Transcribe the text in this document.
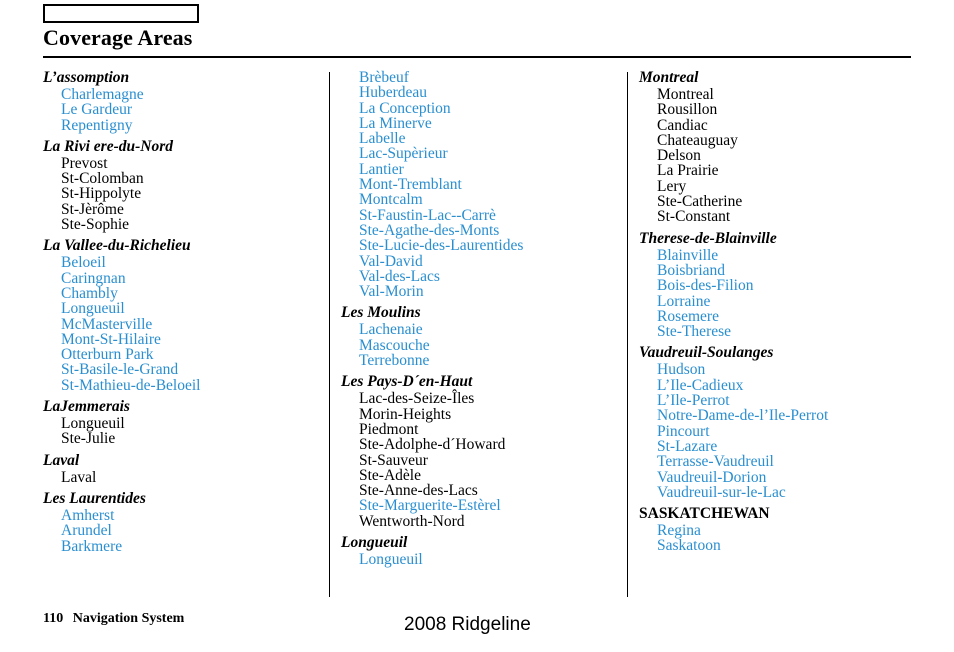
Coverage Areas
L’assomption
Charlemagne
Le Gardeur
Repentigny
La Rivi ere-du-Nord
Prevost
St-Colomban
St-Hippolyte
St-Jèrôme
Ste-Sophie
La Vallee-du-Richelieu
Beloeil
Caringnan
Chambly
Longueuil
McMasterville
Mont-St-Hilaire
Otterburn Park
St-Basile-le-Grand
St-Mathieu-de-Beloeil
LaJemmerais
Longueuil
Ste-Julie
Laval
Laval
Les Laurentides
Amherst
Arundel
Barkmere
Brèbeuf
Huberdeau
La Conception
La Minerve
Labelle
Lac-Supèrieur
Lantier
Mont-Tremblant
Montcalm
St-Faustin-Lac--Carrè
Ste-Agathe-des-Monts
Ste-Lucie-des-Laurentides
Val-David
Val-des-Lacs
Val-Morin
Les Moulins
Lachenaie
Mascouche
Terrebonne
Les Pays-D´en-Haut
Lac-des-Seize-Îles
Morin-Heights
Piedmont
Ste-Adolphe-d´Howard
St-Sauveur
Ste-Adèle
Ste-Anne-des-Lacs
Ste-Marguerite-Estèrel
Wentworth-Nord
Longueuil
Longueuil
Montreal
Montreal
Rousillon
Candiac
Chateauguay
Delson
La Prairie
Lery
Ste-Catherine
St-Constant
Therese-de-Blainville
Blainville
Boisbriand
Bois-des-Filion
Lorraine
Rosemere
Ste-Therese
Vaudreuil-Soulanges
Hudson
L’Ile-Cadieux
L’Ile-Perrot
Notre-Dame-de-l’Ile-Perrot
Pincourt
St-Lazare
Terrasse-Vaudreuil
Vaudreuil-Dorion
Vaudreuil-sur-le-Lac
SASKATCHEWAN
Regina
Saskatoon
110 Navigation System	2008 Ridgeline
